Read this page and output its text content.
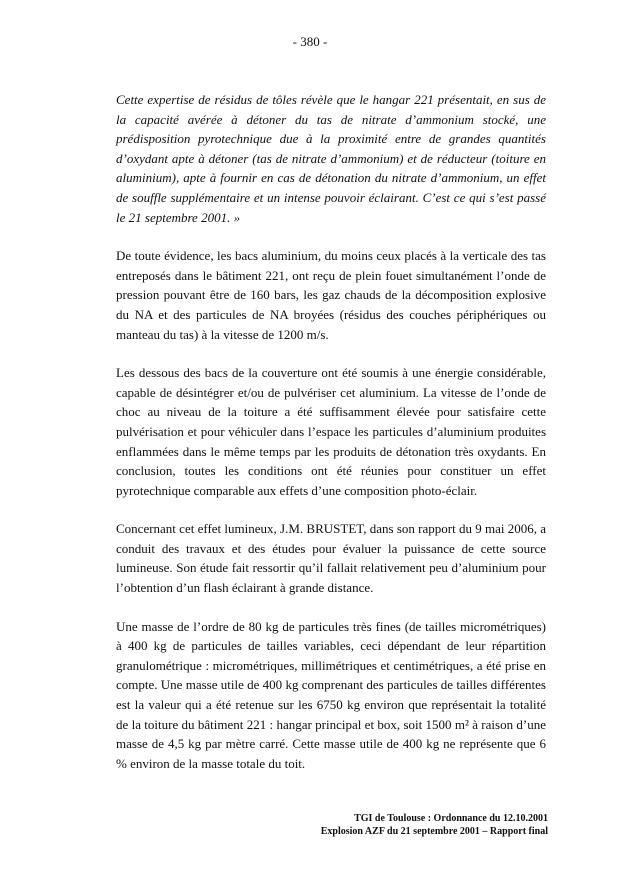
- 380 -

Cette expertise de résidus de tôles révèle que le hangar 221 présentait, en sus de la capacité avérée à détoner du tas de nitrate d’ammonium stocké, une prédisposition pyrotechnique due à la proximité entre de grandes quantités d’oxydant apte à détoner (tas de nitrate d’ammonium) et de réducteur (toiture en aluminium), apte à fournir en cas de détonation du nitrate d’ammonium, un effet de souffle supplémentaire et un intense pouvoir éclairant. C’est ce qui s’est passé le 21 septembre 2001. »

De toute évidence, les bacs aluminium, du moins ceux placés à la verticale des tas entreposés dans le bâtiment 221, ont reçu de plein fouet simultanément l’onde de pression pouvant être de 160 bars, les gaz chauds de la décomposition explosive du NA et des particules de NA broyées (résidus des couches périphériques ou manteau du tas) à la vitesse de 1200 m/s.

Les dessous des bacs de la couverture ont été soumis à une énergie considérable, capable de désintégrer et/ou de pulvériser cet aluminium. La vitesse de l’onde de choc au niveau de la toiture a été suffisamment élevée pour satisfaire cette pulvérisation et pour véhiculer dans l’espace les particules d’aluminium produites enflammées dans le même temps par les produits de détonation très oxydants. En conclusion, toutes les conditions ont été réunies pour constituer un effet pyrotechnique comparable aux effets d’une composition photo-éclair.

Concernant cet effet lumineux, J.M. BRUSTET, dans son rapport du 9 mai 2006, a conduit des travaux et des études pour évaluer la puissance de cette source lumineuse. Son étude fait ressortir qu’il fallait relativement peu d’aluminium pour l’obtention d’un flash éclairant à grande distance.

Une masse de l’ordre de 80 kg de particules très fines (de tailles micrométriques) à 400 kg de particules de tailles variables, ceci dépendant de leur répartition granulométrique : micrométriques, millimétriques et centimétriques, a été prise en compte. Une masse utile de 400 kg comprenant des particules de tailles différentes est la valeur qui a été retenue sur les 6750 kg environ que représentait la totalité de la toiture du bâtiment 221 : hangar principal et box, soit 1500 m² à raison d’une masse de 4,5 kg par mètre carré. Cette masse utile de 400 kg ne représente que 6 % environ de la masse totale du toit.

TGI de Toulouse : Ordonnance du 12.10.2001
Explosion AZF du 21 septembre 2001 – Rapport final
